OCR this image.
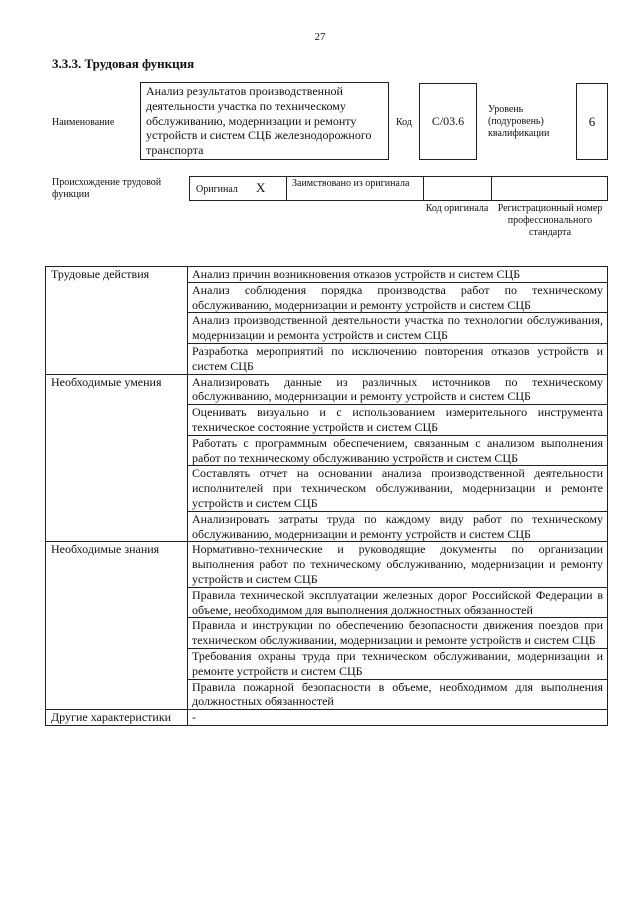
27
3.3.3. Трудовая функция
Наименование
Анализ результатов производственной деятельности участка по техническому обслуживанию, модернизации и ремонту устройств и систем СЦБ железнодорожного транспорта
Код	С/03.6
Уровень (подуровень) квалификации
6
Происхождение трудовой функции	Оригинал X	Заимствовано из оригинала
Код оригинала Регистрационный номер профессионального стандарта
Трудовые действия	Анализ причин возникновения отказов устройств и систем СЦБ
	Анализ соблюдения порядка производства работ по техническому обслуживанию, модернизации и ремонту устройств и систем СЦБ
	Анализ производственной деятельности участка по технологии обслуживания, модернизации и ремонта устройств и систем СЦБ
	Разработка мероприятий по исключению повторения отказов устройств и систем СЦБ
Необходимые умения	Анализировать данные из различных источников по техническому обслуживанию, модернизации и ремонту устройств и систем СЦБ
	Оценивать визуально и с использованием измерительного инструмента техническое состояние устройств и систем СЦБ
	Работать с программным обеспечением, связанным с анализом выполнения работ по техническому обслуживанию устройств и систем СЦБ
	Составлять отчет на основании анализа производственной деятельности исполнителей при техническом обслуживании, модернизации и ремонте устройств и систем СЦБ
	Анализировать затраты труда по каждому виду работ по техническому обслуживанию, модернизации и ремонту устройств и систем СЦБ
Необходимые знания	Нормативно-технические и руководящие документы по организации выполнения работ по техническому обслуживанию, модернизации и ремонту устройств и систем СЦБ
	Правила технической эксплуатации железных дорог Российской Федерации в объеме, необходимом для выполнения должностных обязанностей
	Правила и инструкции по обеспечению безопасности движения поездов при техническом обслуживании, модернизации и ремонте устройств и систем СЦБ
	Требования охраны труда при техническом обслуживании, модернизации и ремонте устройств и систем СЦБ
	Правила пожарной безопасности в объеме, необходимом для выполнения должностных обязанностей
Другие характеристики	-
